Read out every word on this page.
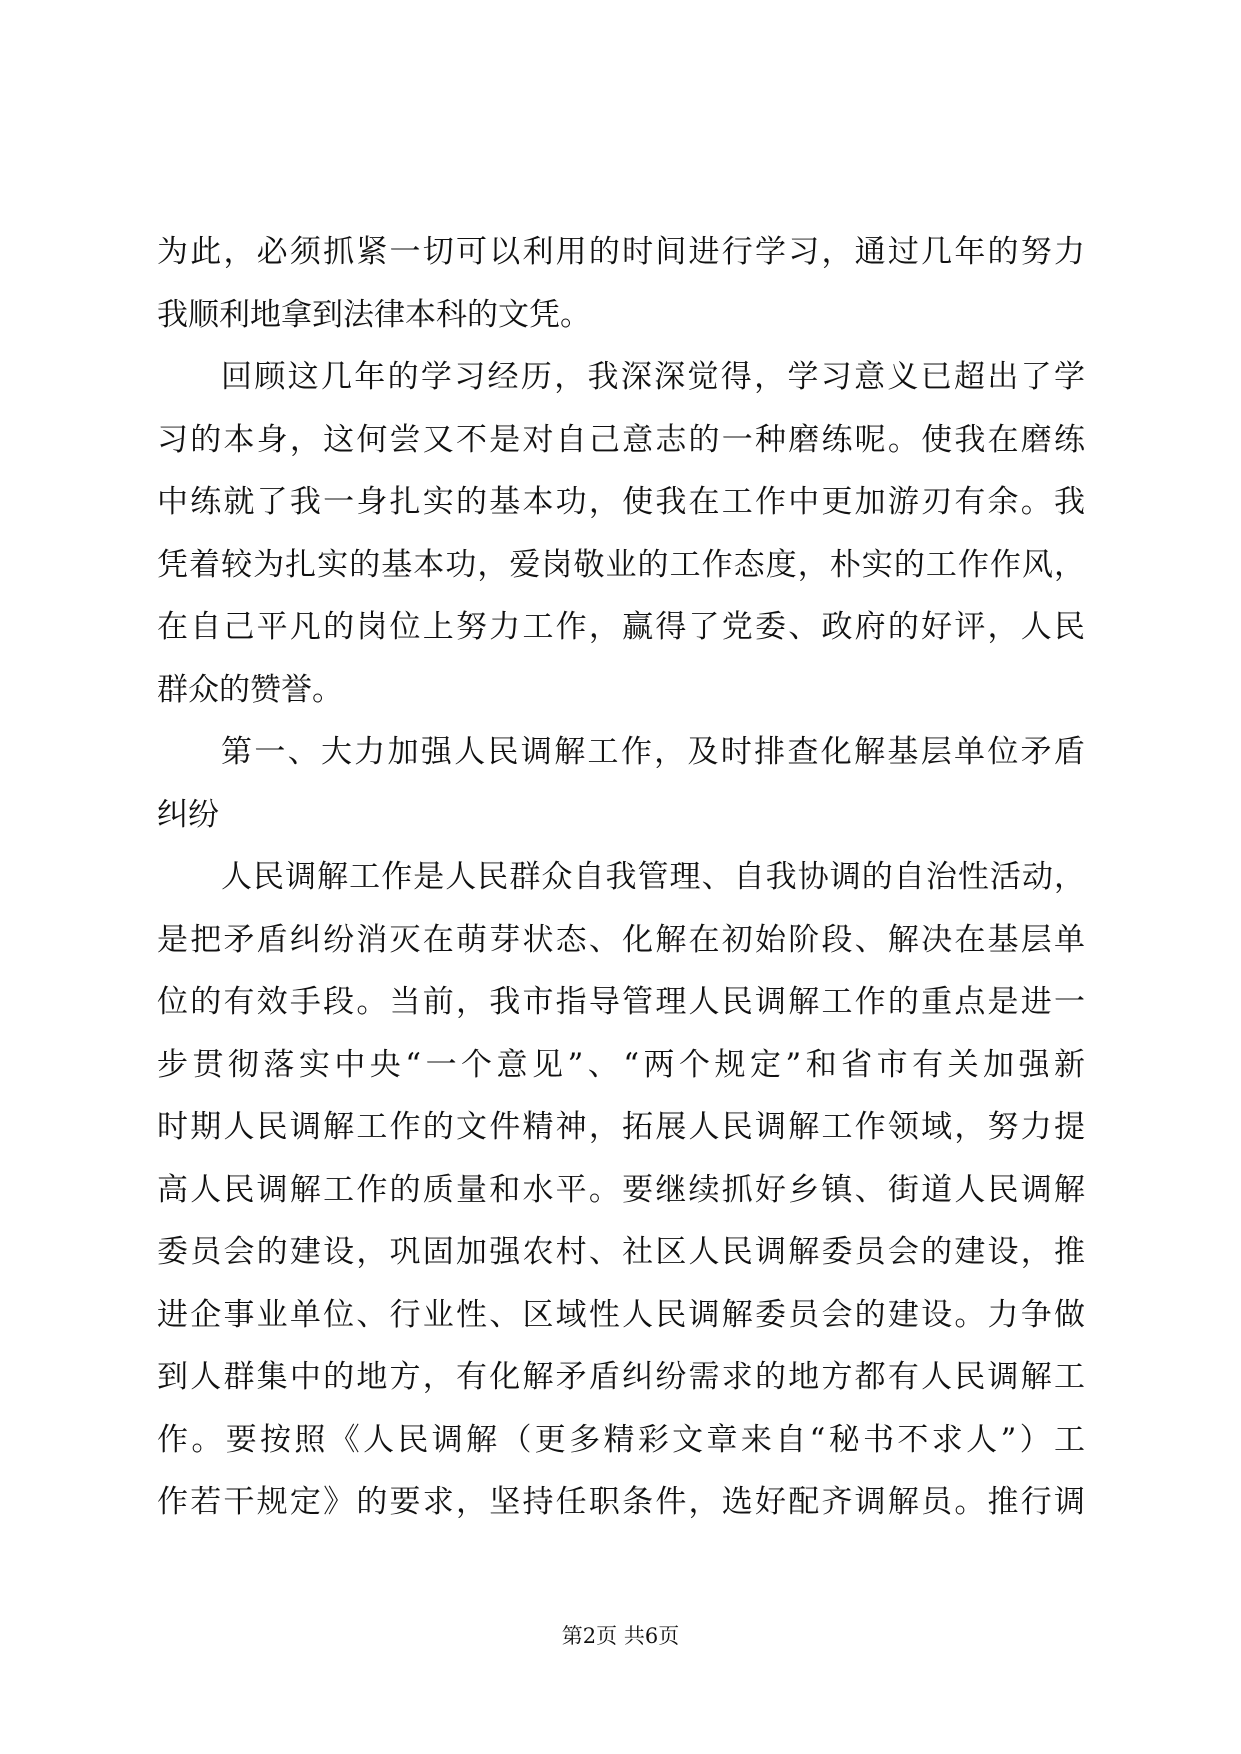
为此，必须抓紧一切可以利用的时间进行学习，通过几年的努力
我顺利地拿到法律本科的文凭。
回顾这几年的学习经历，我深深觉得，学习意义已超出了学
习的本身，这何尝又不是对自己意志的一种磨练呢。使我在磨练
中练就了我一身扎实的基本功，使我在工作中更加游刃有余。我
凭着较为扎实的基本功，爱岗敬业的工作态度，朴实的工作作风，
在自己平凡的岗位上努力工作，赢得了党委、政府的好评，人民
群众的赞誉。
第一、大力加强人民调解工作，及时排查化解基层单位矛盾
纠纷
人民调解工作是人民群众自我管理、自我协调的自治性活动，
是把矛盾纠纷消灭在萌芽状态、化解在初始阶段、解决在基层单
位的有效手段。当前，我市指导管理人民调解工作的重点是进一
步贯彻落实中央“一个意见”、“两个规定”和省市有关加强新
时期人民调解工作的文件精神，拓展人民调解工作领域，努力提
高人民调解工作的质量和水平。要继续抓好乡镇、街道人民调解
委员会的建设，巩固加强农村、社区人民调解委员会的建设，推
进企事业单位、行业性、区域性人民调解委员会的建设。力争做
到人群集中的地方，有化解矛盾纠纷需求的地方都有人民调解工
作。要按照《人民调解（更多精彩文章来自“秘书不求人”）工
作若干规定》的要求，坚持任职条件，选好配齐调解员。推行调
第2页 共6页
